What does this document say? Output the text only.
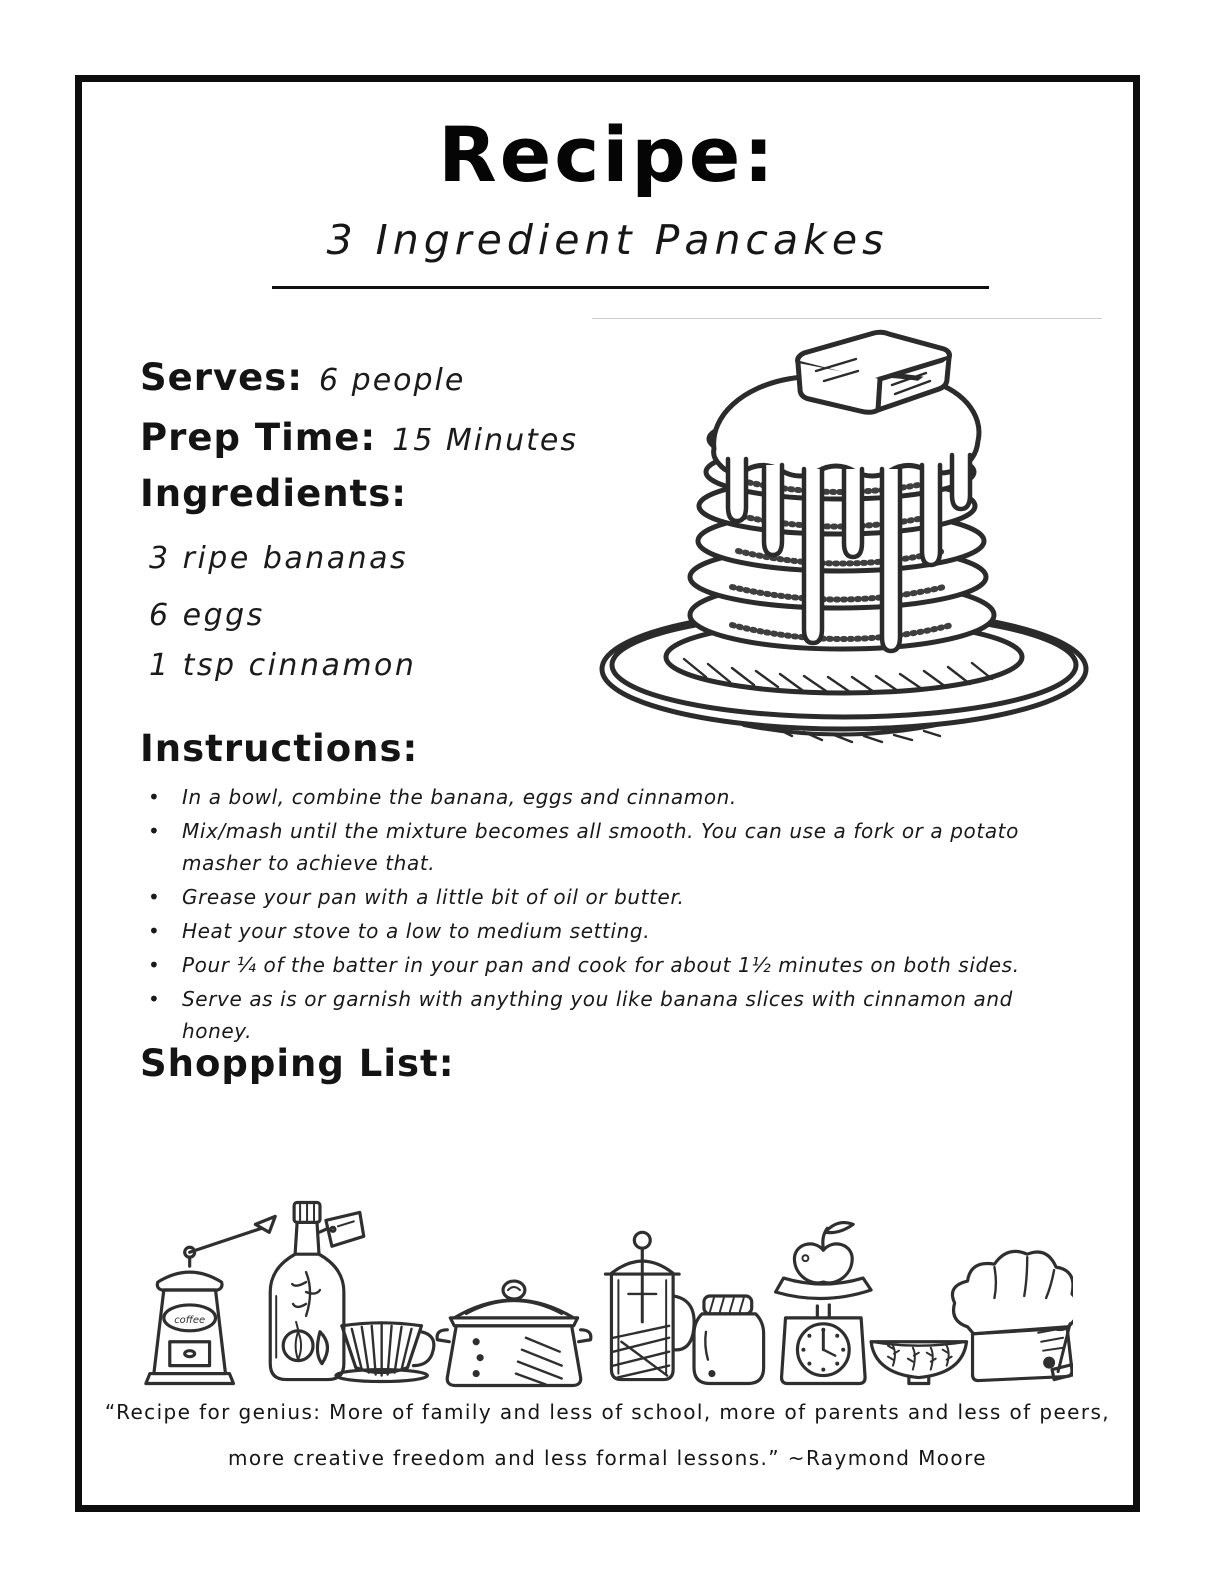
Recipe:
3 Ingredient Pancakes
Serves: 6 people
Prep Time: 15 Minutes
Ingredients:
3 ripe bananas
6 eggs
1 tsp cinnamon
Instructions:
• In a bowl, combine the banana, eggs and cinnamon.
• Mix/mash until the mixture becomes all smooth. You can use a fork or a potato masher to achieve that.
• Grease your pan with a little bit of oil or butter.
• Heat your stove to a low to medium setting.
• Pour ¼ of the batter in your pan and cook for about 1½ minutes on both sides.
• Serve as is or garnish with anything you like banana slices with cinnamon and honey.
Shopping List:
coffee
“Recipe for genius: More of family and less of school, more of parents and less of peers,
more creative freedom and less formal lessons.” ~Raymond Moore
